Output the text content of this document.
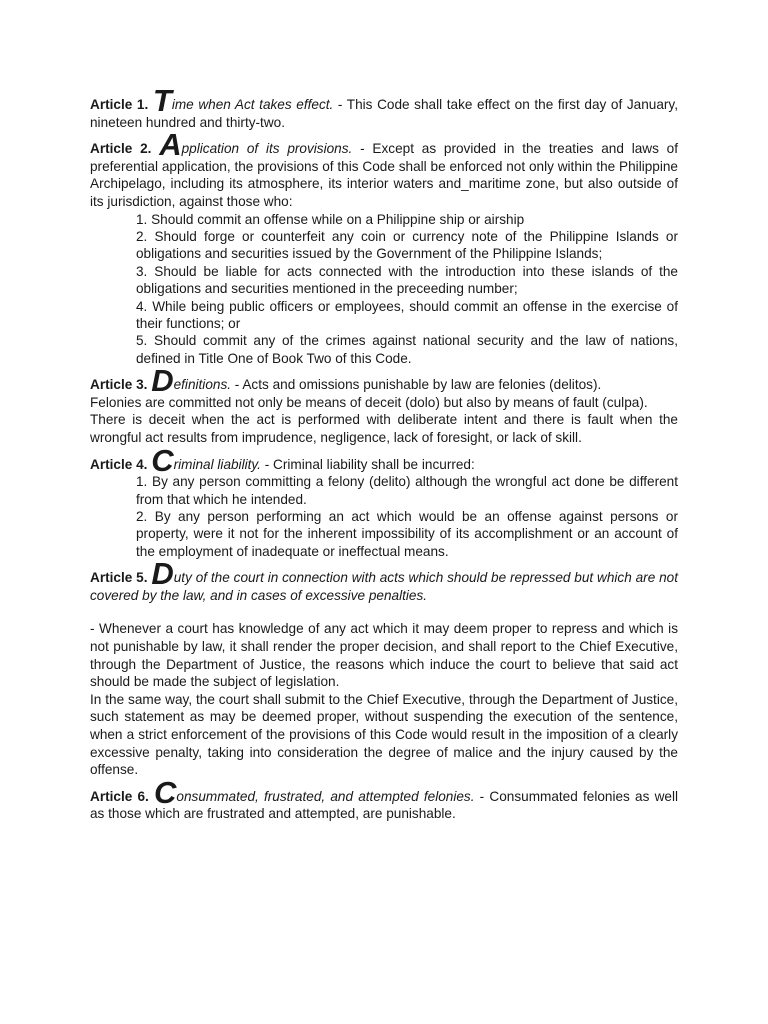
Article 1. Time when Act takes effect. - This Code shall take effect on the first day of January, nineteen hundred and thirty-two.

Article 2. Application of its provisions. - Except as provided in the treaties and laws of preferential application, the provisions of this Code shall be enforced not only within the Philippine Archipelago, including its atmosphere, its interior waters and_maritime zone, but also outside of its jurisdiction, against those who:

1. Should commit an offense while on a Philippine ship or airship
2. Should forge or counterfeit any coin or currency note of the Philippine Islands or obligations and securities issued by the Government of the Philippine Islands;
3. Should be liable for acts connected with the introduction into these islands of the obligations and securities mentioned in the preceeding number;
4. While being public officers or employees, should commit an offense in the exercise of their functions; or
5. Should commit any of the crimes against national security and the law of nations, defined in Title One of Book Two of this Code.

Article 3. Definitions. - Acts and omissions punishable by law are felonies (delitos).

Felonies are committed not only be means of deceit (dolo) but also by means of fault (culpa).

There is deceit when the act is performed with deliberate intent and there is fault when the wrongful act results from imprudence, negligence, lack of foresight, or lack of skill.

Article 4. Criminal liability. - Criminal liability shall be incurred:

1. By any person committing a felony (delito) although the wrongful act done be different from that which he intended.
2. By any person performing an act which would be an offense against persons or property, were it not for the inherent impossibility of its accomplishment or an account of the employment of inadequate or ineffectual means.

Article 5. Duty of the court in connection with acts which should be repressed but which are not covered by the law, and in cases of excessive penalties.

- Whenever a court has knowledge of any act which it may deem proper to repress and which is not punishable by law, it shall render the proper decision, and shall report to the Chief Executive, through the Department of Justice, the reasons which induce the court to believe that said act should be made the subject of legislation.

In the same way, the court shall submit to the Chief Executive, through the Department of Justice, such statement as may be deemed proper, without suspending the execution of the sentence, when a strict enforcement of the provisions of this Code would result in the imposition of a clearly excessive penalty, taking into consideration the degree of malice and the injury caused by the offense.

Article 6. Consummated, frustrated, and attempted felonies. - Consummated felonies as well as those which are frustrated and attempted, are punishable.
